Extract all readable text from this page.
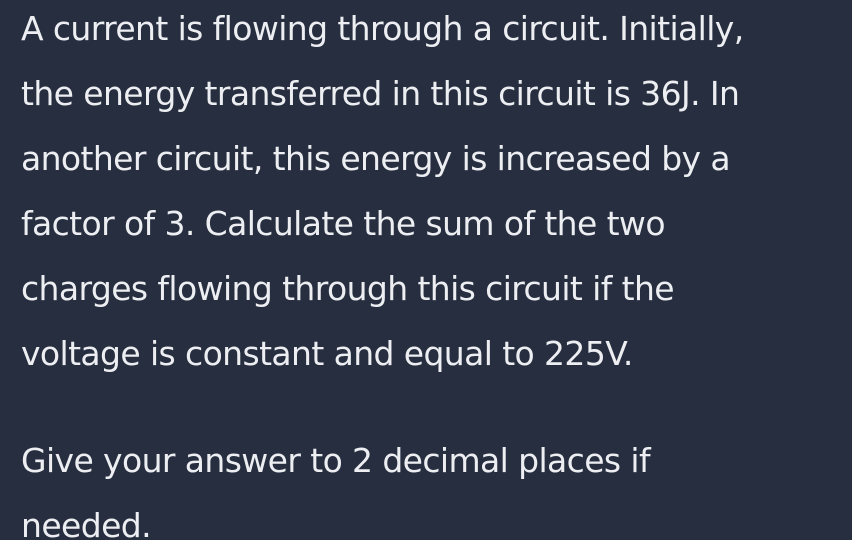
A current is flowing through a circuit. Initially,
the energy transferred in this circuit is 36J. In
another circuit, this energy is increased by a
factor of 3. Calculate the sum of the two
charges flowing through this circuit if the
voltage is constant and equal to 225V.
Give your answer to 2 decimal places if
needed.
